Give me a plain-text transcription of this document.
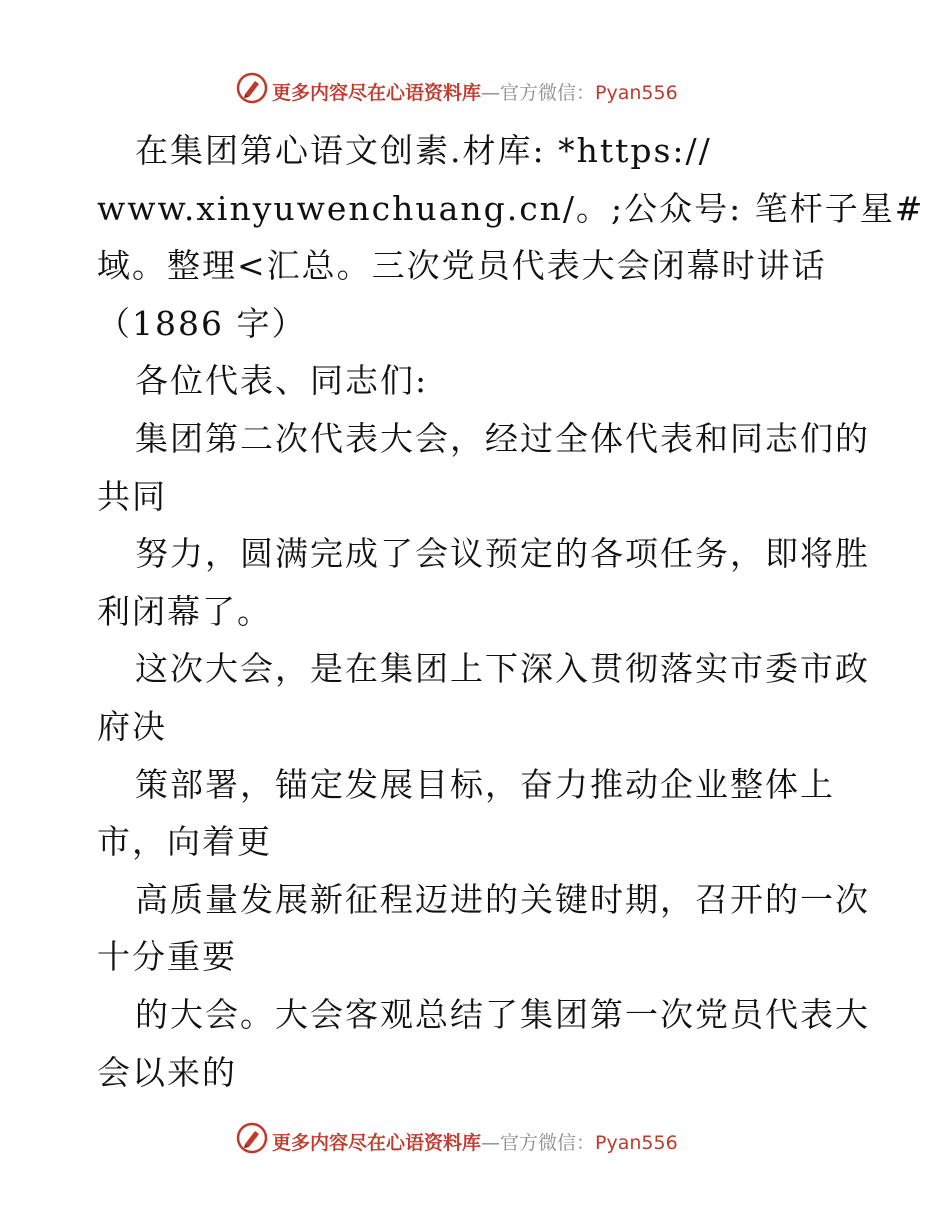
更多内容尽在心语资料库—官方微信：Pyan556
在集团第心语文创素.材库: *https://
www.xinyuwenchuang.cn/。;公众号: 笔杆子星#
域。整理<汇总。三次党员代表大会闭幕时讲话
（1886 字）
各位代表、同志们:
集团第二次代表大会，经过全体代表和同志们的
共同
努力，圆满完成了会议预定的各项任务，即将胜
利闭幕了。
这次大会，是在集团上下深入贯彻落实市委市政
府决
策部署，锚定发展目标，奋力推动企业整体上
市，向着更
高质量发展新征程迈进的关键时期，召开的一次
十分重要
的大会。大会客观总结了集团第一次党员代表大
会以来的
更多内容尽在心语资料库—官方微信：Pyan556
